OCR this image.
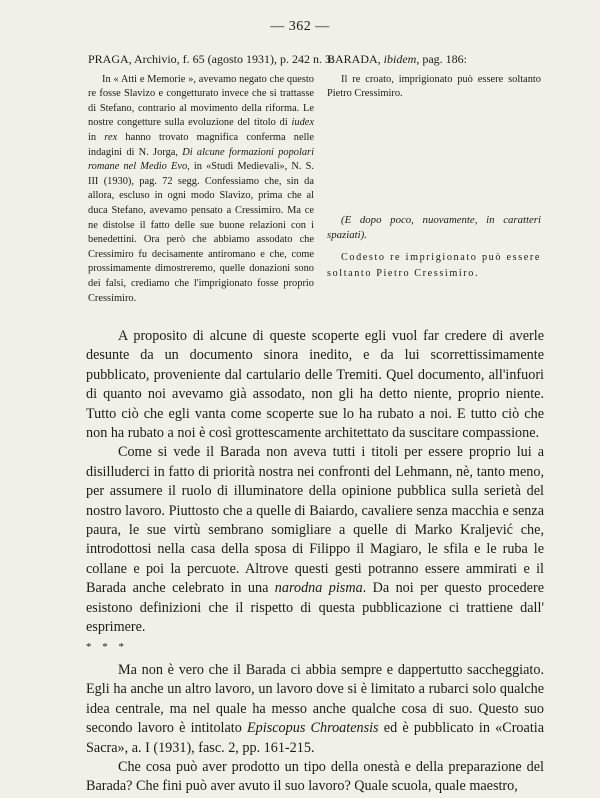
— 362 —
PRAGA, Archivio, f. 65 (agosto 1931), p. 242 n. 3:

In « Atti e Memorie », avevamo negato che questo re fosse Slavizo e congetturato invece che si trattasse di Stefano, contrario al movimento della riforma. Le nostre congetture sulla evoluzione del titolo di iudex in rex hanno trovato magnifica conferma nelle indagini di N. Jorga, Di alcune formazioni popolari romane nel Medio Evo, in «Studi Medievali», N. S. III (1930), pag. 72 segg. Confessiamo che, sin da allora, escluso in ogni modo Slavizo, prima che al duca Stefano, avevamo pensato a Cressimiro. Ma ce ne distolse il fatto delle sue buone relazioni con i benedettini. Ora però che abbiamo assodato che Cressimiro fu decisamente antiromano e che, come prossimamente dimostreremo, quelle donazioni sono dei falsi, crediamo che l'imprigionato fosse proprio Cressimiro.

BARADA, ibidem, pag. 186:

Il re croato, imprigionato può essere soltanto Pietro Cressimiro.

(E dopo poco, nuovamente, in caratteri spaziati).

Codesto re imprigionato può essere soltanto Pietro Cressimiro.

A proposito di alcune di queste scoperte egli vuol far credere di averle desunte da un documento sinora inedito, e da lui scorrettissimamente pubblicato, proveniente dal cartulario delle Tremiti. Quel documento, all'infuori di quanto noi avevamo già assodato, non gli ha detto niente, proprio niente. Tutto ciò che egli vanta come scoperte sue lo ha rubato a noi. E tutto ciò che non ha rubato a noi è così grottescamente architettato da suscitare compassione.

Come si vede il Barada non aveva tutti i titoli per essere proprio lui a disilluderci in fatto di priorità nostra nei confronti del Lehmann, nè, tanto meno, per assumere il ruolo di illuminatore della opinione pubblica sulla serietà del nostro lavoro. Piuttosto che a quelle di Baiardo, cavaliere senza macchia e senza paura, le sue virtù sembrano somigliare a quelle di Marko Kraljević che, introdottosi nella casa della sposa di Filippo il Magiaro, le sfila e le ruba le collane e poi la percuote. Altrove questi gesti potranno essere ammirati e il Barada anche celebrato in una narodna pisma. Da noi per questo procedere esistono definizioni che il rispetto di questa pubblicazione ci trattiene dall' esprimere.

* * *

Ma non è vero che il Barada ci abbia sempre e dappertutto saccheggiato. Egli ha anche un altro lavoro, un lavoro dove si è limitato a rubarci solo qualche idea centrale, ma nel quale ha messo anche qualche cosa di suo. Questo suo secondo lavoro è intitolato Episcopus Chroatensis ed è pubblicato in «Croatia Sacra», a. I (1931), fasc. 2, pp. 161-215.

Che cosa può aver prodotto un tipo della onestà e della preparazione del Barada? Che fini può aver avuto il suo lavoro? Quale scuola, quale maestro,
